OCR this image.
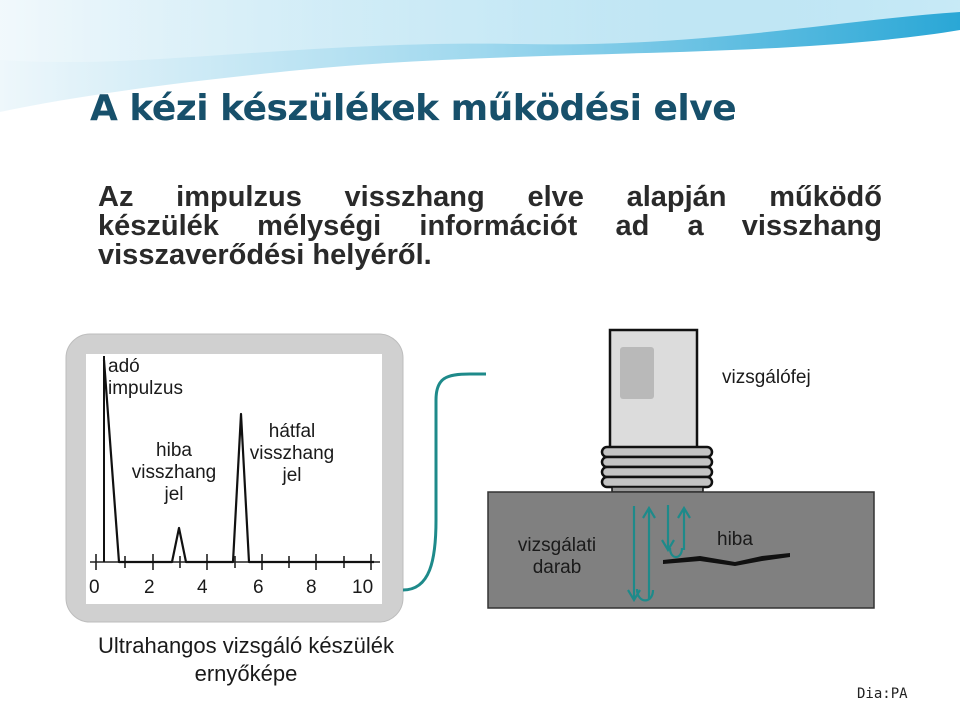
A kézi készülékek működési elve
Az impulzus visszhang elve alapján működő
készülék mélységi információt ad a visszhang
visszaverődési helyéről.
adó
impulzus
hiba
visszhang
jel
hátfal
visszhang
jel
0 2 4 6 8 10
vizsgálófej
vizsgálati
darab
hiba
Ultrahangos vizsgáló készülék
ernyőképe
Dia:PA
